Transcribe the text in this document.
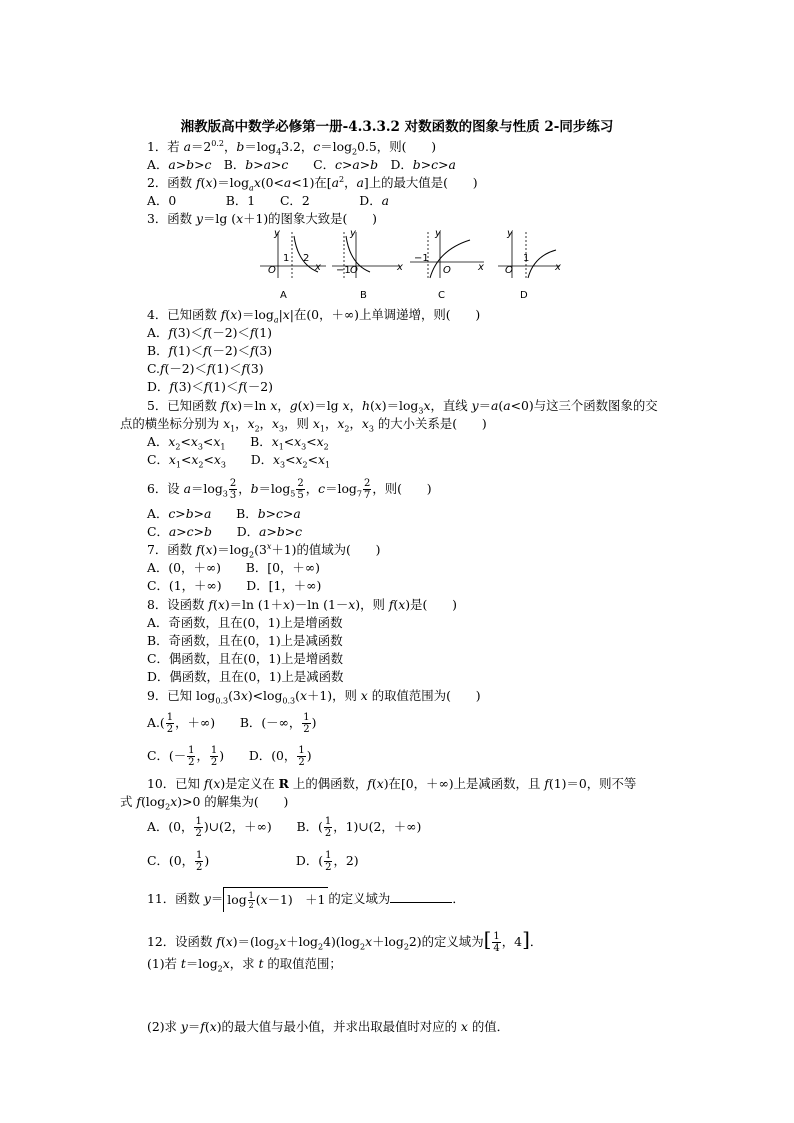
湘教版高中数学必修第一册-4.3.3.2 对数函数的图象与性质 2-同步练习
1．若 $a=2^{0.2}$，$b=\log_43.2$，$c=\log_20.5$，则(　　)
A．a>b>c　B．b>a>c　　C．c>a>b　D．b>c>a
2．函数 $f(x)=\log_ax(0<a<1)$在[$a^2$，a]上的最大值是(　　)
A．0　　　　B．1　　C．2　　　　D．a
3．函数 y＝lg (x＋1)的图象大致是(　　)
y
O
1 2
x
A
y
−1 O	x
B
y
−1
O	x
C
y
O
1
x
D
4．已知函数 $f(x)=\log_a|x|$在(0，＋∞)上单调递增，则(　　)
A．f(3)＜f(－2)＜f(1)
B．f(1)＜f(－2)＜f(3)
C.f(－2)＜f(1)＜f(3)
D．f(3)＜f(1)＜f(－2)
5．已知函数 f(x)＝ln x，g(x)＝lg x，$h(x)=\log_3x$，直线 y＝a(a<0)与这三个函数图象的交
点的横坐标分别为 $x_1$，$x_2$，$x_3$，则 $x_1$，$x_2$，$x_3$ 的大小关系是(　　)
A．$x_2<x_3<x_1$　　B．$x_1<x_3<x_2$
C．$x_1<x_2<x_3$　　D．$x_3<x_2<x_1$
6．设 $a=\log_3 \frac{2}{3}$ ，$b=\log_5 \frac{2}{5}$ ，$c=\log_7 \frac{2}{7}$ ，则(　　)
A．c>b>a　　B．b>c>a
C．a>c>b　　D．a>b>c
7．函数 $f(x)=\log_2(3^x+1)$的值域为(　　)
A．(0，＋∞)　　B．[0，＋∞)
C．(1，＋∞)　　D．[1，＋∞)
8．设函数 f(x)＝ln (1＋x)－ln (1－x)，则 f(x)是(　　)
A．奇函数，且在(0，1)上是增函数
B．奇函数，且在(0，1)上是减函数
C．偶函数，且在(0，1)上是增函数
D．偶函数，且在(0，1)上是减函数
9．已知 $\log_{0.3}(3x)<\log_{0.3}(x+1)$，则 x 的取值范围为(　　)
$A.( \frac{1}{2}$ ，＋∞)　　B．(－∞， $\frac{1}{2}$ )
C．(－ $\frac{1}{2}$ ， $\frac{1}{2}$ )　　D．(0， $\frac{1}{2}$ )
10．已知 f(x)是定义在 R 上的偶函数，f(x)在[0，＋∞)上是减函数，且 f(1)＝0，则不等
式 $f(\log_2x)>0$ 的解集为(　　)
A．(0， $\frac{1}{2}$ )∪(2，＋∞)　　B．( $\frac{1}{2}$ ，1)∪(2，＋∞)
C．(0， $\frac{1}{2}$ )　　　　　　　D．( $\frac{1}{2}$ ，2)
11．函数 $y= \log \frac{1}{2} (x-1)$　＋1 的定义域为	．
12．设函数 $f(x)=(\log_2x+\log_24)(\log_2x+\log_22)$的定义域为[ $\frac{1}{4}$ ，4]．
(1)若 $t=\log_2x$，求 t 的取值范围；
(2)求 y＝f(x)的最大值与最小值，并求出取最值时对应的 x 的值．
